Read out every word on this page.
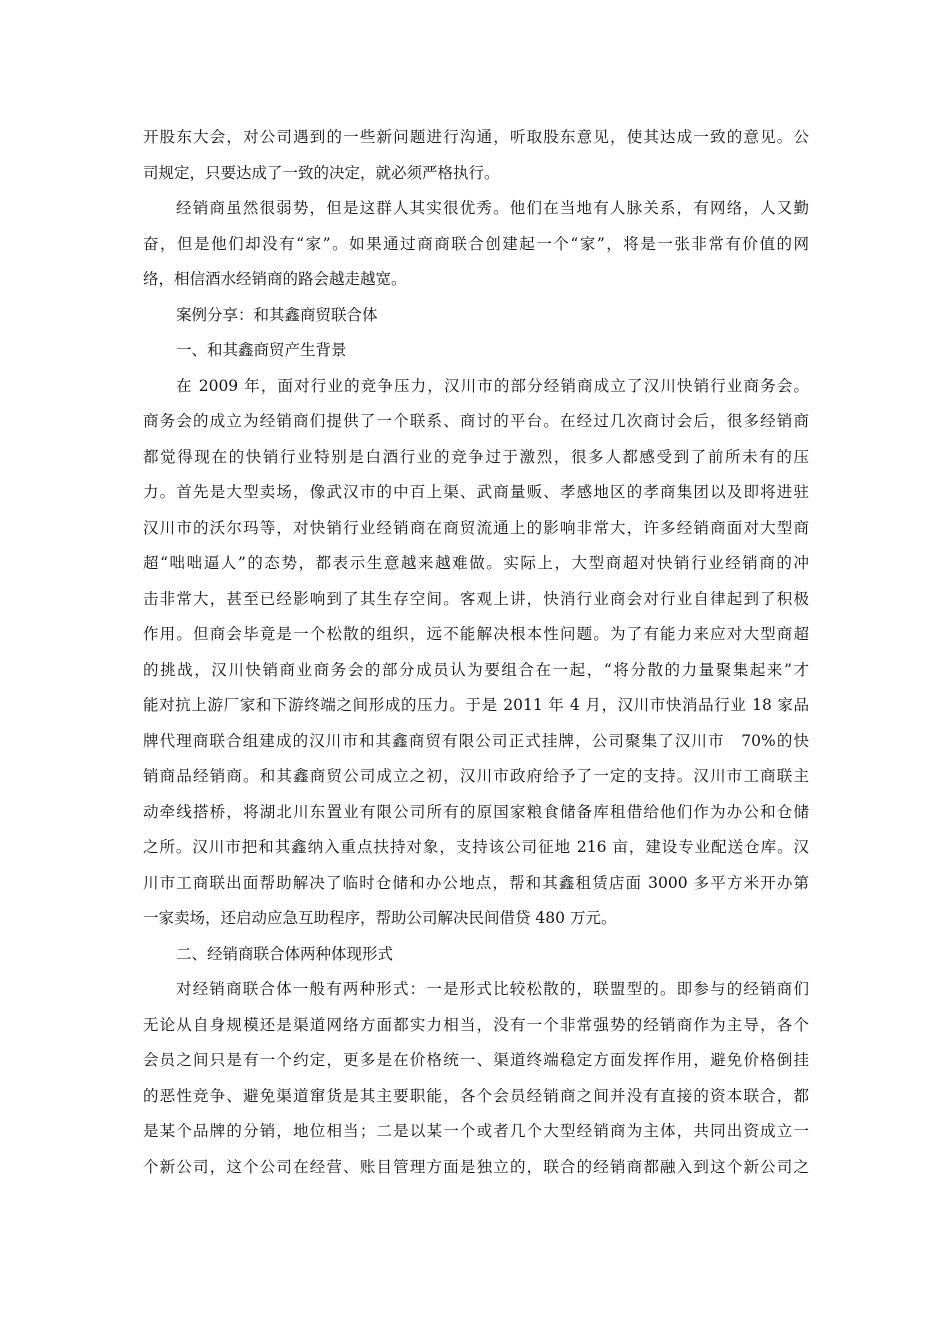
开股东大会，对公司遇到的一些新问题进行沟通，听取股东意见，使其达成一致的意见。公
司规定，只要达成了一致的决定，就必须严格执行。
经销商虽然很弱势，但是这群人其实很优秀。他们在当地有人脉关系，有网络，人又勤
奋，但是他们却没有“家”。如果通过商商联合创建起一个“家”，将是一张非常有价值的网
络，相信酒水经销商的路会越走越宽。
案例分享：和其鑫商贸联合体
一、和其鑫商贸产生背景
在 2009 年，面对行业的竞争压力，汉川市的部分经销商成立了汉川快销行业商务会。
商务会的成立为经销商们提供了一个联系、商讨的平台。在经过几次商讨会后，很多经销商
都觉得现在的快销行业特别是白酒行业的竞争过于激烈，很多人都感受到了前所未有的压
力。首先是大型卖场，像武汉市的中百上渠、武商量贩、孝感地区的孝商集团以及即将进驻
汉川市的沃尔玛等，对快销行业经销商在商贸流通上的影响非常大，许多经销商面对大型商
超“咄咄逼人”的态势，都表示生意越来越难做。实际上，大型商超对快销行业经销商的冲
击非常大，甚至已经影响到了其生存空间。客观上讲，快消行业商会对行业自律起到了积极
作用。但商会毕竟是一个松散的组织，远不能解决根本性问题。为了有能力来应对大型商超
的挑战，汉川快销商业商务会的部分成员认为要组合在一起，“将分散的力量聚集起来”才
能对抗上游厂家和下游终端之间形成的压力。于是 2011 年 4 月，汉川市快消品行业 18 家品
牌代理商联合组建成的汉川市和其鑫商贸有限公司正式挂牌，公司聚集了汉川市　70%的快
销商品经销商。和其鑫商贸公司成立之初，汉川市政府给予了一定的支持。汉川市工商联主
动牵线搭桥，将湖北川东置业有限公司所有的原国家粮食储备库租借给他们作为办公和仓储
之所。汉川市把和其鑫纳入重点扶持对象，支持该公司征地 216 亩，建设专业配送仓库。汉
川市工商联出面帮助解决了临时仓储和办公地点，帮和其鑫租赁店面 3000 多平方米开办第
一家卖场，还启动应急互助程序，帮助公司解决民间借贷 480 万元。
二、经销商联合体两种体现形式
对经销商联合体一般有两种形式：一是形式比较松散的，联盟型的。即参与的经销商们
无论从自身规模还是渠道网络方面都实力相当，没有一个非常强势的经销商作为主导，各个
会员之间只是有一个约定，更多是在价格统一、渠道终端稳定方面发挥作用，避免价格倒挂
的恶性竞争、避免渠道窜货是其主要职能，各个会员经销商之间并没有直接的资本联合，都
是某个品牌的分销，地位相当；二是以某一个或者几个大型经销商为主体，共同出资成立一
个新公司，这个公司在经营、账目管理方面是独立的，联合的经销商都融入到这个新公司之
